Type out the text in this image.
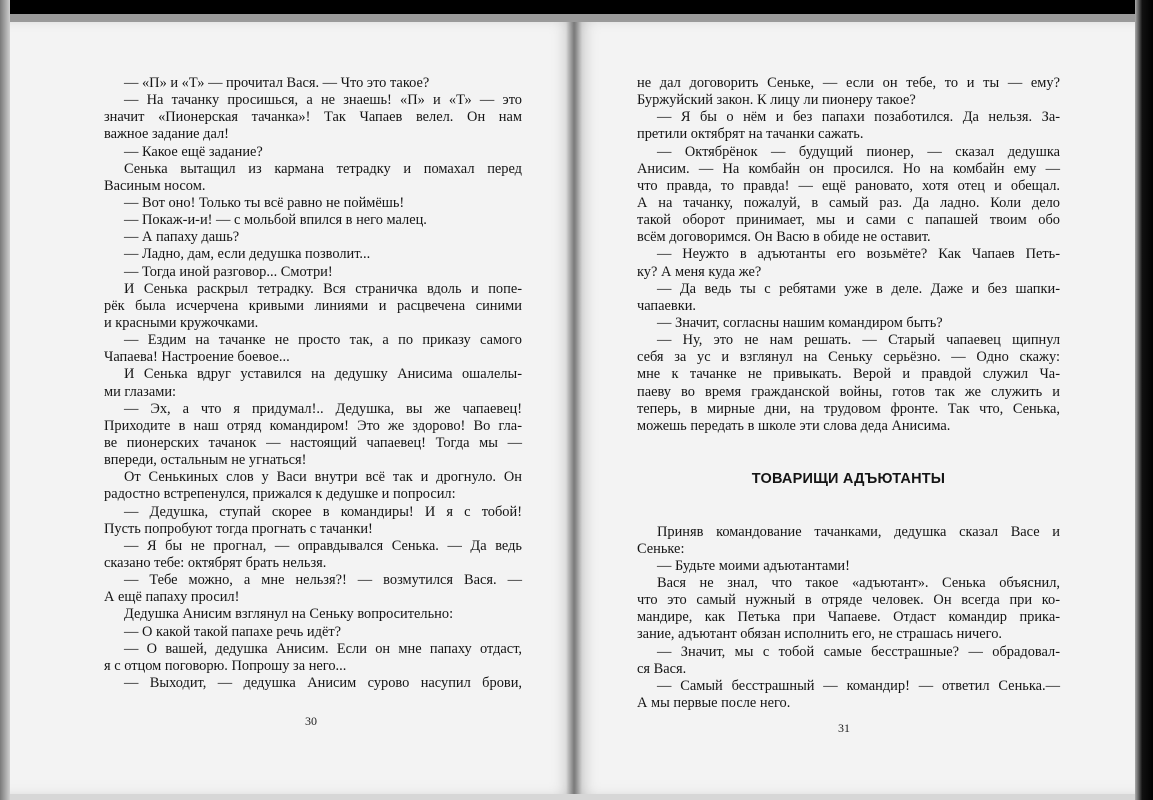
— «П» и «Т» — прочитал Вася. — Что это такое?
— На тачанку просишься, а не знаешь! «П» и «Т» — это
значит «Пионерская тачанка»! Так Чапаев велел. Он нам
важное задание дал!
— Какое ещё задание?
Сенька вытащил из кармана тетрадку и помахал перед
Васиным носом.
— Вот оно! Только ты всё равно не поймёшь!
— Покаж-и-и! — с мольбой впился в него малец.
— А папаху дашь?
— Ладно, дам, если дедушка позволит...
— Тогда иной разговор... Смотри!
И Сенька раскрыл тетрадку. Вся страничка вдоль и попе-
рёк была исчерчена кривыми линиями и расцвечена синими
и красными кружочками.
— Ездим на тачанке не просто так, а по приказу самого
Чапаева! Настроение боевое...
И Сенька вдруг уставился на дедушку Анисима ошалелы-
ми глазами:
— Эх, а что я придумал!.. Дедушка, вы же чапаевец!
Приходите в наш отряд командиром! Это же здорово! Во гла-
ве пионерских тачанок — настоящий чапаевец! Тогда мы —
впереди, остальным не угнаться!
От Сенькиных слов у Васи внутри всё так и дрогнуло. Он
радостно встрепенулся, прижался к дедушке и попросил:
— Дедушка, ступай скорее в командиры! И я с тобой!
Пусть попробуют тогда прогнать с тачанки!
— Я бы не прогнал, — оправдывался Сенька. — Да ведь
сказано тебе: октябрят брать нельзя.
— Тебе можно, а мне нельзя?! — возмутился Вася. —
А ещё папаху просил!
Дедушка Анисим взглянул на Сеньку вопросительно:
— О какой такой папахе речь идёт?
— О вашей, дедушка Анисим. Если он мне папаху отдаст,
я с отцом поговорю. Попрошу за него...
— Выходит, — дедушка Анисим сурово насупил брови,
не дал договорить Сеньке, — если он тебе, то и ты — ему?
Буржуйский закон. К лицу ли пионеру такое?
— Я бы о нём и без папахи позаботился. Да нельзя. За-
претили октябрят на тачанки сажать.
— Октябрёнок — будущий пионер, — сказал дедушка
Анисим. — На комбайн он просился. Но на комбайн ему —
что правда, то правда! — ещё рановато, хотя отец и обещал.
А на тачанку, пожалуй, в самый раз. Да ладно. Коли дело
такой оборот принимает, мы и сами с папашей твоим обо
всём договоримся. Он Васю в обиде не оставит.
— Неужто в адъютанты его возьмёте? Как Чапаев Петь-
ку? А меня куда же?
— Да ведь ты с ребятами уже в деле. Даже и без шапки-
чапаевки.
— Значит, согласны нашим командиром быть?
— Ну, это не нам решать. — Старый чапаевец щипнул
себя за ус и взглянул на Сеньку серьёзно. — Одно скажу:
мне к тачанке не привыкать. Верой и правдой служил Ча-
паеву во время гражданской войны, готов так же служить и
теперь, в мирные дни, на трудовом фронте. Так что, Сенька,
можешь передать в школе эти слова деда Анисима.
ТОВАРИЩИ АДЪЮТАНТЫ
Приняв командование тачанками, дедушка сказал Васе и
Сеньке:
— Будьте моими адъютантами!
Вася не знал, что такое «адъютант». Сенька объяснил,
что это самый нужный в отряде человек. Он всегда при ко-
мандире, как Петька при Чапаеве. Отдаст командир прика-
зание, адъютант обязан исполнить его, не страшась ничего.
— Значит, мы с тобой самые бесстрашные? — обрадовал-
ся Вася.
— Самый бесстрашный — командир! — ответил Сенька.—
А мы первые после него.
30	31
